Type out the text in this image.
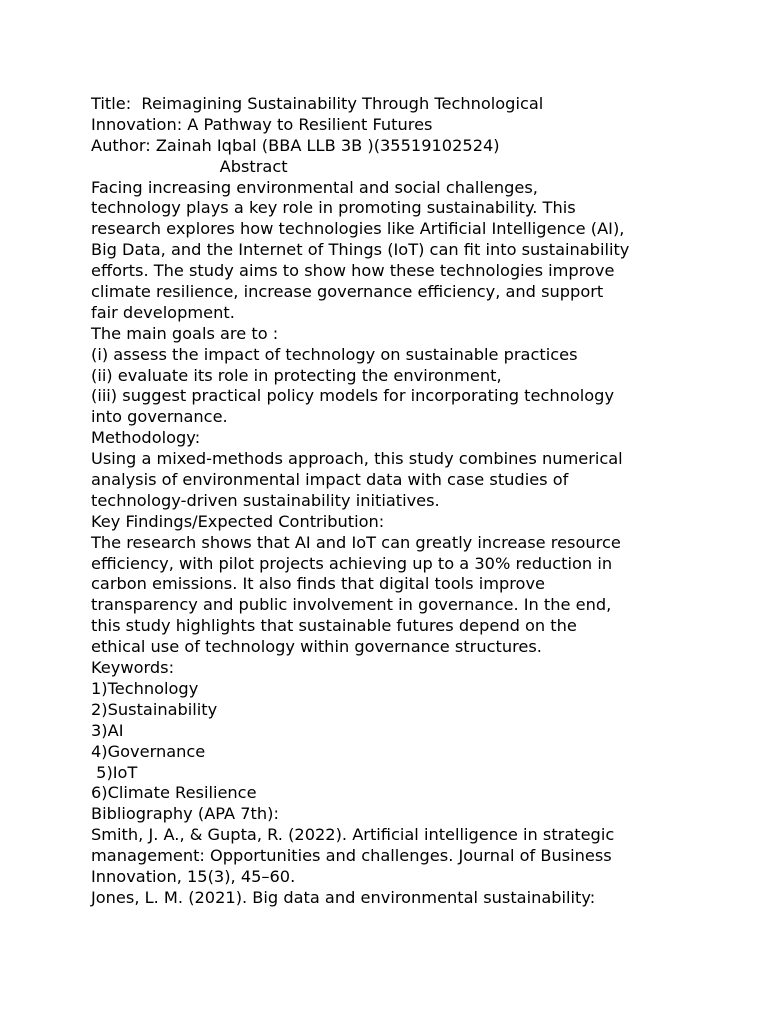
Title:  Reimagining Sustainability Through Technological
Innovation: A Pathway to Resilient Futures
Author: Zainah Iqbal (BBA LLB 3B )(35519102524)
Abstract
Facing increasing environmental and social challenges,
technology plays a key role in promoting sustainability. This
research explores how technologies like Artificial Intelligence (AI),
Big Data, and the Internet of Things (IoT) can fit into sustainability
efforts. The study aims to show how these technologies improve
climate resilience, increase governance efficiency, and support
fair development.
The main goals are to :
(i) assess the impact of technology on sustainable practices
(ii) evaluate its role in protecting the environment,
(iii) suggest practical policy models for incorporating technology
into governance.
Methodology:
Using a mixed-methods approach, this study combines numerical
analysis of environmental impact data with case studies of
technology-driven sustainability initiatives.
Key Findings/Expected Contribution:
The research shows that AI and IoT can greatly increase resource
efficiency, with pilot projects achieving up to a 30% reduction in
carbon emissions. It also finds that digital tools improve
transparency and public involvement in governance. In the end,
this study highlights that sustainable futures depend on the
ethical use of technology within governance structures.
Keywords:
1)Technology
2)Sustainability
3)AI
4)Governance
5)IoT
6)Climate Resilience
Bibliography (APA 7th):
Smith, J. A., & Gupta, R. (2022). Artificial intelligence in strategic
management: Opportunities and challenges. Journal of Business
Innovation, 15(3), 45–60.
Jones, L. M. (2021). Big data and environmental sustainability:
